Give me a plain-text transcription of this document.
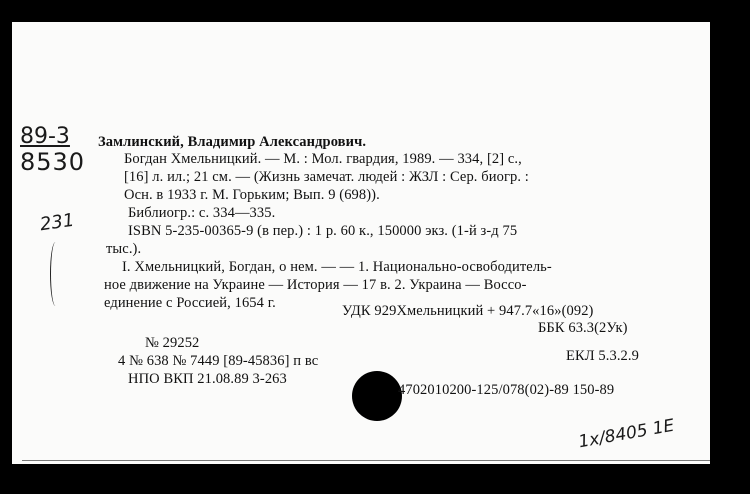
89-3
8530
231
Замлинский, Владимир Александрович.
Богдан Хмельницкий. — М. : Мол. гвардия, 1989. — 334, [2] с.,
[16] л. ил.; 21 см. — (Жизнь замечат. людей : ЖЗЛ : Сер. биогр. :
Осн. в 1933 г. М. Горьким; Вып. 9 (698)).
Библиогр.: с. 334—335.
ISBN 5-235-00365-9 (в пер.) : 1 р. 60 к., 150000 экз. (1-й з-д 75
тыс.).
I. Хмельницкий, Богдан, о нем. — — 1. Национально-освободитель-
ное движение на Украине — История — 17 в. 2. Украина — Воссо-
единение с Россией, 1654 г.	УДК 929Хмельницкий + 947.7«16»(092)
ББК 63.3(2Ук)
№ 29252
4 № 638 № 7449 [89-45836] п вс	ЕКЛ 5.3.2.9
НПО ВКП 21.08.89 3-263
4702010200-125/078(02)-89 150-89
1х/8405 1Е
